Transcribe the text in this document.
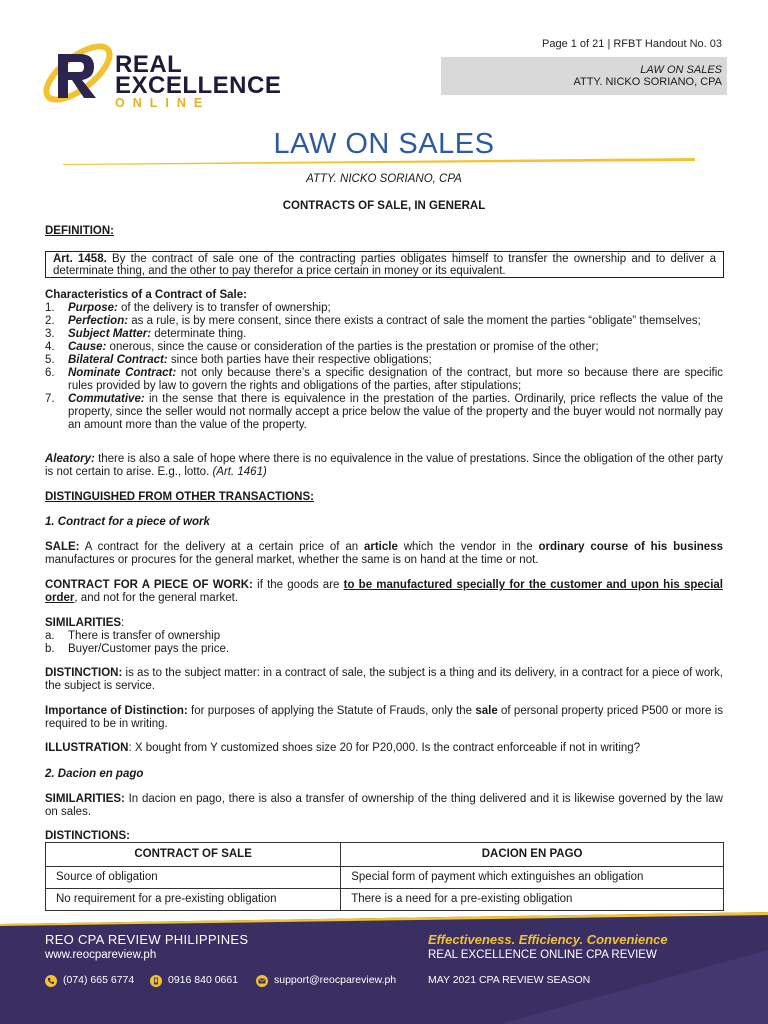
REAL
EXCELLENCE
ONLINE
Page 1 of 21 | RFBT Handout No. 03
LAW ON SALES
ATTY. NICKO SORIANO, CPA
LAW ON SALES
ATTY. NICKO SORIANO, CPA
CONTRACTS OF SALE, IN GENERAL
DEFINITION:
Art. 1458. By the contract of sale one of the contracting parties obligates himself to transfer the ownership and to deliver a determinate thing, and the other to pay therefor a price certain in money or its equivalent.
Characteristics of a Contract of Sale:
1. Purpose: of the delivery is to transfer of ownership;
2. Perfection: as a rule, is by mere consent, since there exists a contract of sale the moment the parties “obligate” themselves;
3. Subject Matter: determinate thing.
4. Cause: onerous, since the cause or consideration of the parties is the prestation or promise of the other;
5. Bilateral Contract: since both parties have their respective obligations;
6. Nominate Contract: not only because there’s a specific designation of the contract, but more so because there are specific rules provided by law to govern the rights and obligations of the parties, after stipulations;
7. Commutative: in the sense that there is equivalence in the prestation of the parties. Ordinarily, price reflects the value of the property, since the seller would not normally accept a price below the value of the property and the buyer would not normally pay an amount more than the value of the property.
Aleatory: there is also a sale of hope where there is no equivalence in the value of prestations. Since the obligation of the other party is not certain to arise. E.g., lotto. (Art. 1461)
DISTINGUISHED FROM OTHER TRANSACTIONS:
1. Contract for a piece of work
SALE: A contract for the delivery at a certain price of an article which the vendor in the ordinary course of his business manufactures or procures for the general market, whether the same is on hand at the time or not.
CONTRACT FOR A PIECE OF WORK: if the goods are to be manufactured specially for the customer and upon his special order, and not for the general market.
SIMILARITIES:
a. There is transfer of ownership
b. Buyer/Customer pays the price.
DISTINCTION: is as to the subject matter: in a contract of sale, the subject is a thing and its delivery, in a contract for a piece of work, the subject is service.
Importance of Distinction: for purposes of applying the Statute of Frauds, only the sale of personal property priced P500 or more is required to be in writing.
ILLUSTRATION: X bought from Y customized shoes size 20 for P20,000. Is the contract enforceable if not in writing?
2. Dacion en pago
SIMILARITIES: In dacion en pago, there is also a transfer of ownership of the thing delivered and it is likewise governed by the law on sales.
DISTINCTIONS:
CONTRACT OF SALE	DACION EN PAGO
Source of obligation	Special form of payment which extinguishes an obligation
No requirement for a pre-existing obligation	There is a need for a pre-existing obligation
REO CPA REVIEW PHILIPPINES
www.reocpareview.ph
Effectiveness. Efficiency. Convenience
REAL EXCELLENCE ONLINE CPA REVIEW
(074) 665 6774	0916 840 0661	support@reocpareview.ph	MAY 2021 CPA REVIEW SEASON
